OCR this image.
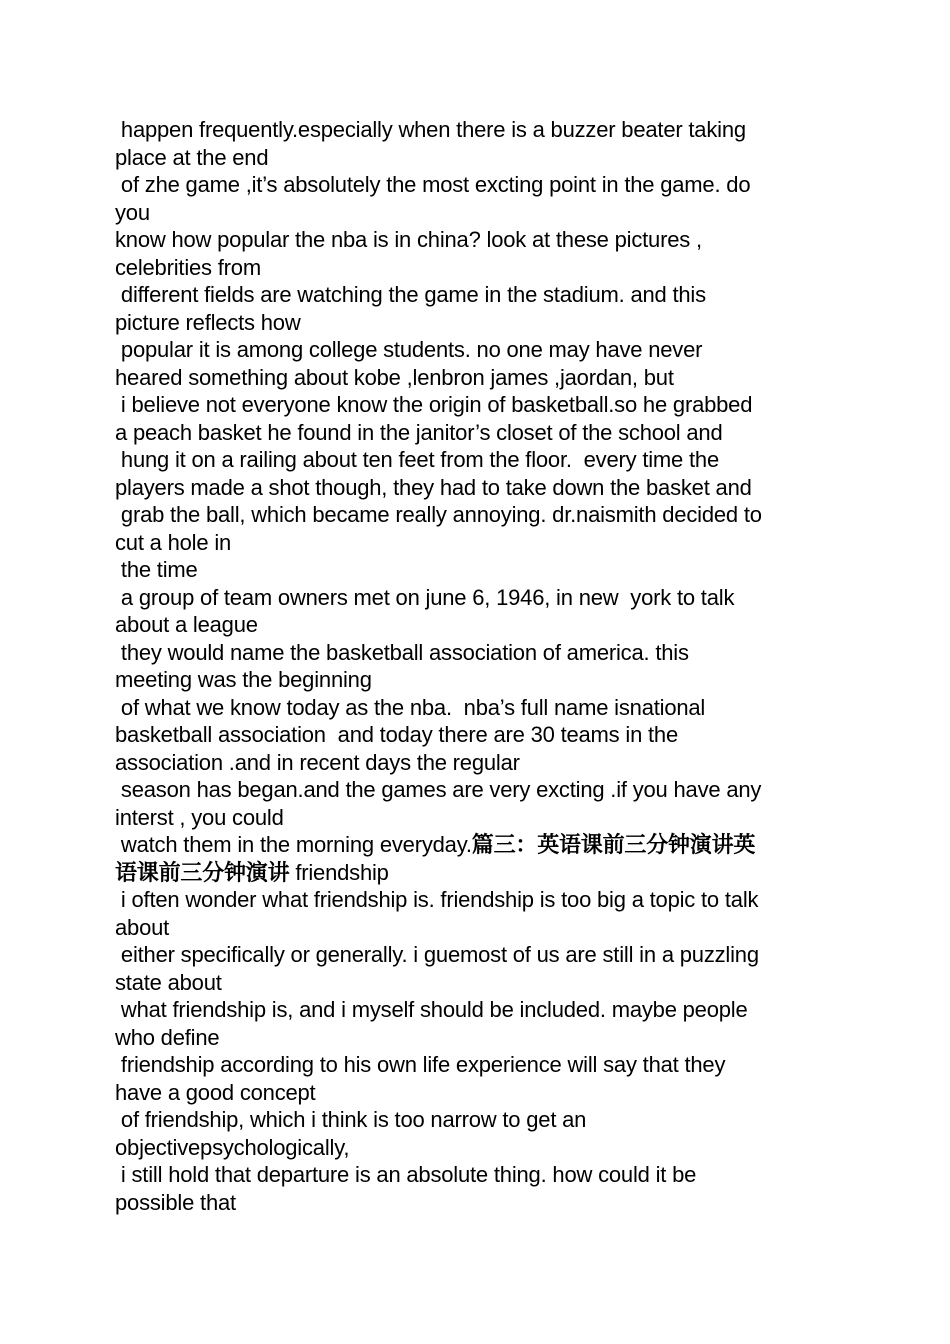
happen frequently.especially when there is a buzzer beater taking
place at the end
of zhe game ,it’s absolutely the most excting point in the game. do
you
know how popular the nba is in china? look at these pictures ,
celebrities from
different fields are watching the game in the stadium. and this
picture reflects how
popular it is among college students. no one may have never
heared something about kobe ,lenbron james ,jaordan, but
i believe not everyone know the origin of basketball.so he grabbed
a peach basket he found in the janitor’s closet of the school and
hung it on a railing about ten feet from the floor.  every time the
players made a shot though, they had to take down the basket and
grab the ball, which became really annoying. dr.naismith decided to
cut a hole in
the time
a group of team owners met on june 6, 1946, in new  york to talk
about a league
they would name the basketball association of america. this
meeting was the beginning
of what we know today as the nba.  nba’s full name isnational
basketball association  and today there are 30 teams in the
association .and in recent days the regular
season has began.and the games are very excting .if you have any
interst , you could
watch them in the morning everyday.篇三：英语课前三分钟演讲英
语课前三分钟演讲 friendship
i often wonder what friendship is. friendship is too big a topic to talk
about
either specifically or generally. i guemost of us are still in a puzzling
state about
what friendship is, and i myself should be included. maybe people
who define
friendship according to his own life experience will say that they
have a good concept
of friendship, which i think is too narrow to get an
objectivepsychologically,
i still hold that departure is an absolute thing. how could it be
possible that
